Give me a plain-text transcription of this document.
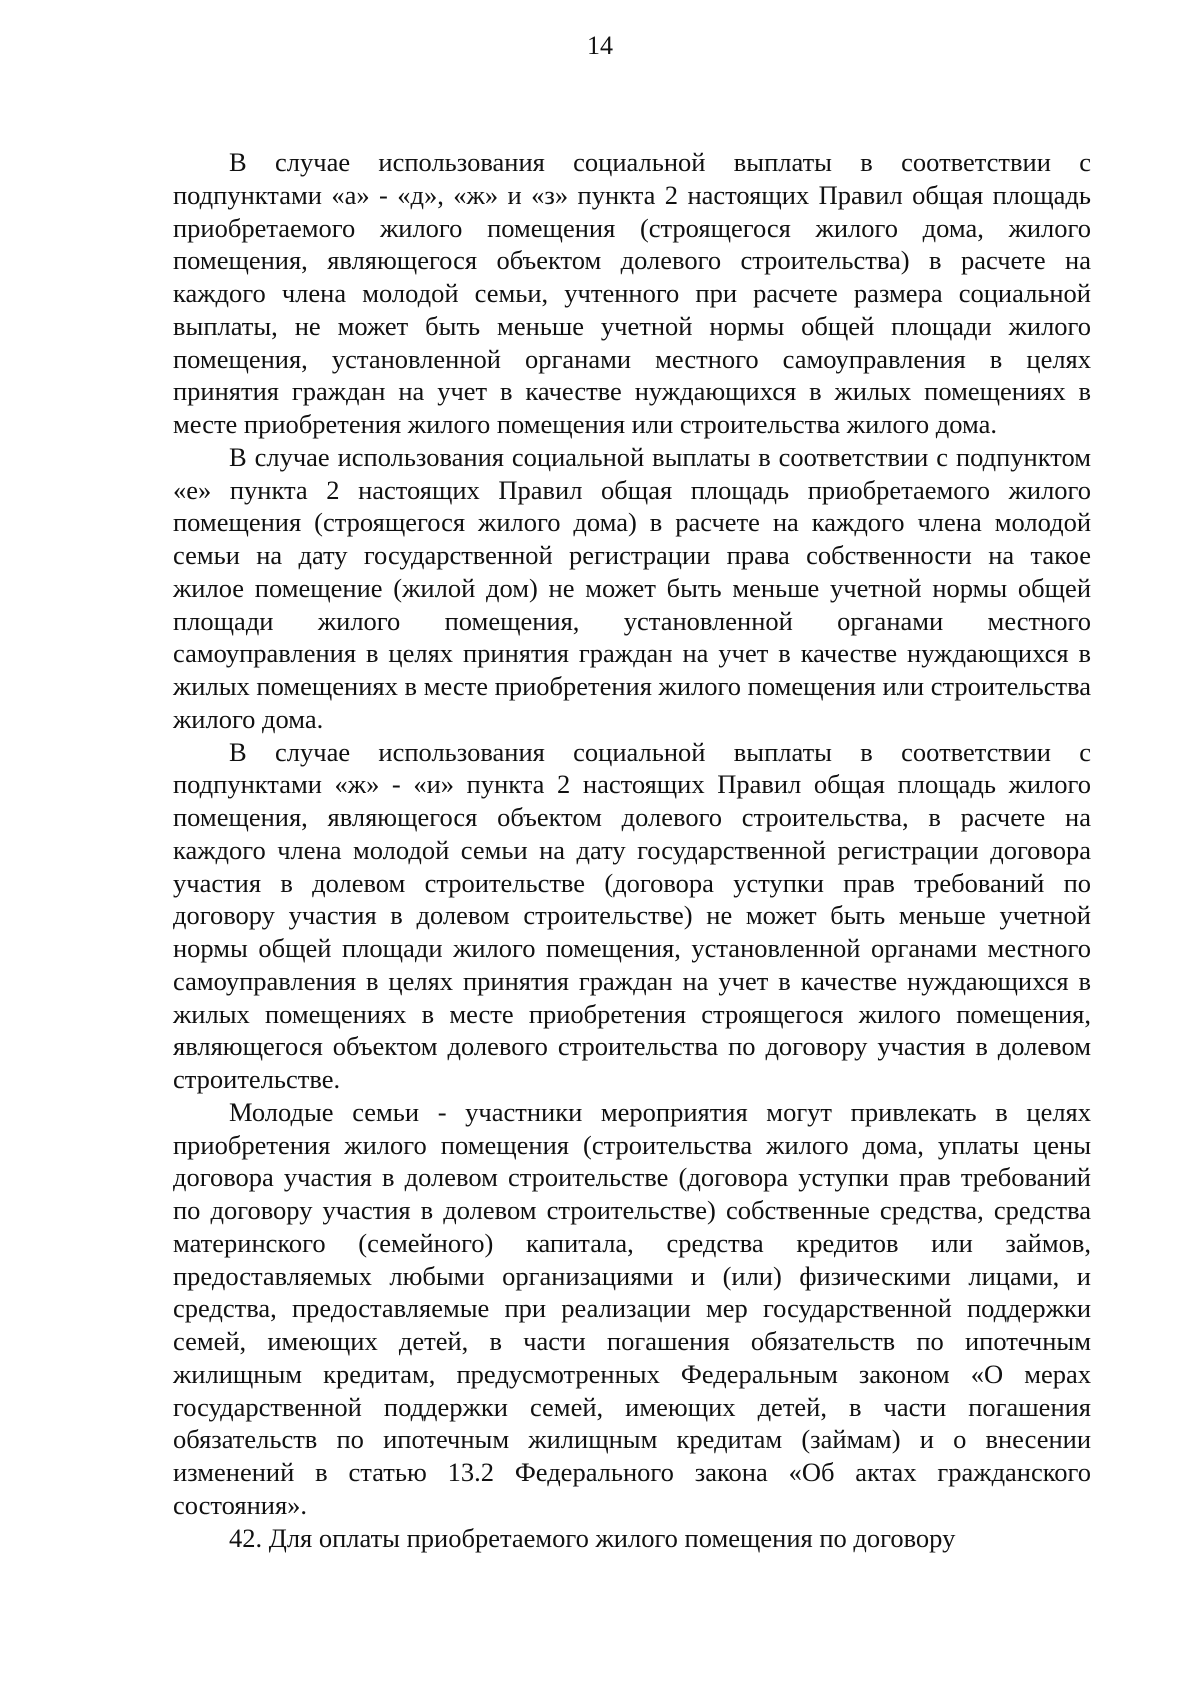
14

В случае использования социальной выплаты в соответствии с подпунктами «а» - «д», «ж» и «з» пункта 2 настоящих Правил общая площадь приобретаемого жилого помещения (строящегося жилого дома, жилого помещения, являющегося объектом долевого строительства) в расчете на каждого члена молодой семьи, учтенного при расчете размера социальной выплаты, не может быть меньше учетной нормы общей площади жилого помещения, установленной органами местного самоуправления в целях принятия граждан на учет в качестве нуждающихся в жилых помещениях в месте приобретения жилого помещения или строительства жилого дома.

В случае использования социальной выплаты в соответствии с подпунктом «е» пункта 2 настоящих Правил общая площадь приобретаемого жилого помещения (строящегося жилого дома) в расчете на каждого члена молодой семьи на дату государственной регистрации права собственности на такое жилое помещение (жилой дом) не может быть меньше учетной нормы общей площади жилого помещения, установленной органами местного самоуправления в целях принятия граждан на учет в качестве нуждающихся в жилых помещениях в месте приобретения жилого помещения или строительства жилого дома.

В случае использования социальной выплаты в соответствии с подпунктами «ж» - «и» пункта 2 настоящих Правил общая площадь жилого помещения, являющегося объектом долевого строительства, в расчете на каждого члена молодой семьи на дату государственной регистрации договора участия в долевом строительстве (договора уступки прав требований по договору участия в долевом строительстве) не может быть меньше учетной нормы общей площади жилого помещения, установленной органами местного самоуправления в целях принятия граждан на учет в качестве нуждающихся в жилых помещениях в месте приобретения строящегося жилого помещения, являющегося объектом долевого строительства по договору участия в долевом строительстве.

Молодые семьи - участники мероприятия могут привлекать в целях приобретения жилого помещения (строительства жилого дома, уплаты цены договора участия в долевом строительстве (договора уступки прав требований по договору участия в долевом строительстве) собственные средства, средства материнского (семейного) капитала, средства кредитов или займов, предоставляемых любыми организациями и (или) физическими лицами, и средства, предоставляемые при реализации мер государственной поддержки семей, имеющих детей, в части погашения обязательств по ипотечным жилищным кредитам, предусмотренных Федеральным законом «О мерах государственной поддержки семей, имеющих детей, в части погашения обязательств по ипотечным жилищным кредитам (займам) и о внесении изменений в статью 13.2 Федерального закона «Об актах гражданского состояния».

42. Для оплаты приобретаемого жилого помещения по договору
